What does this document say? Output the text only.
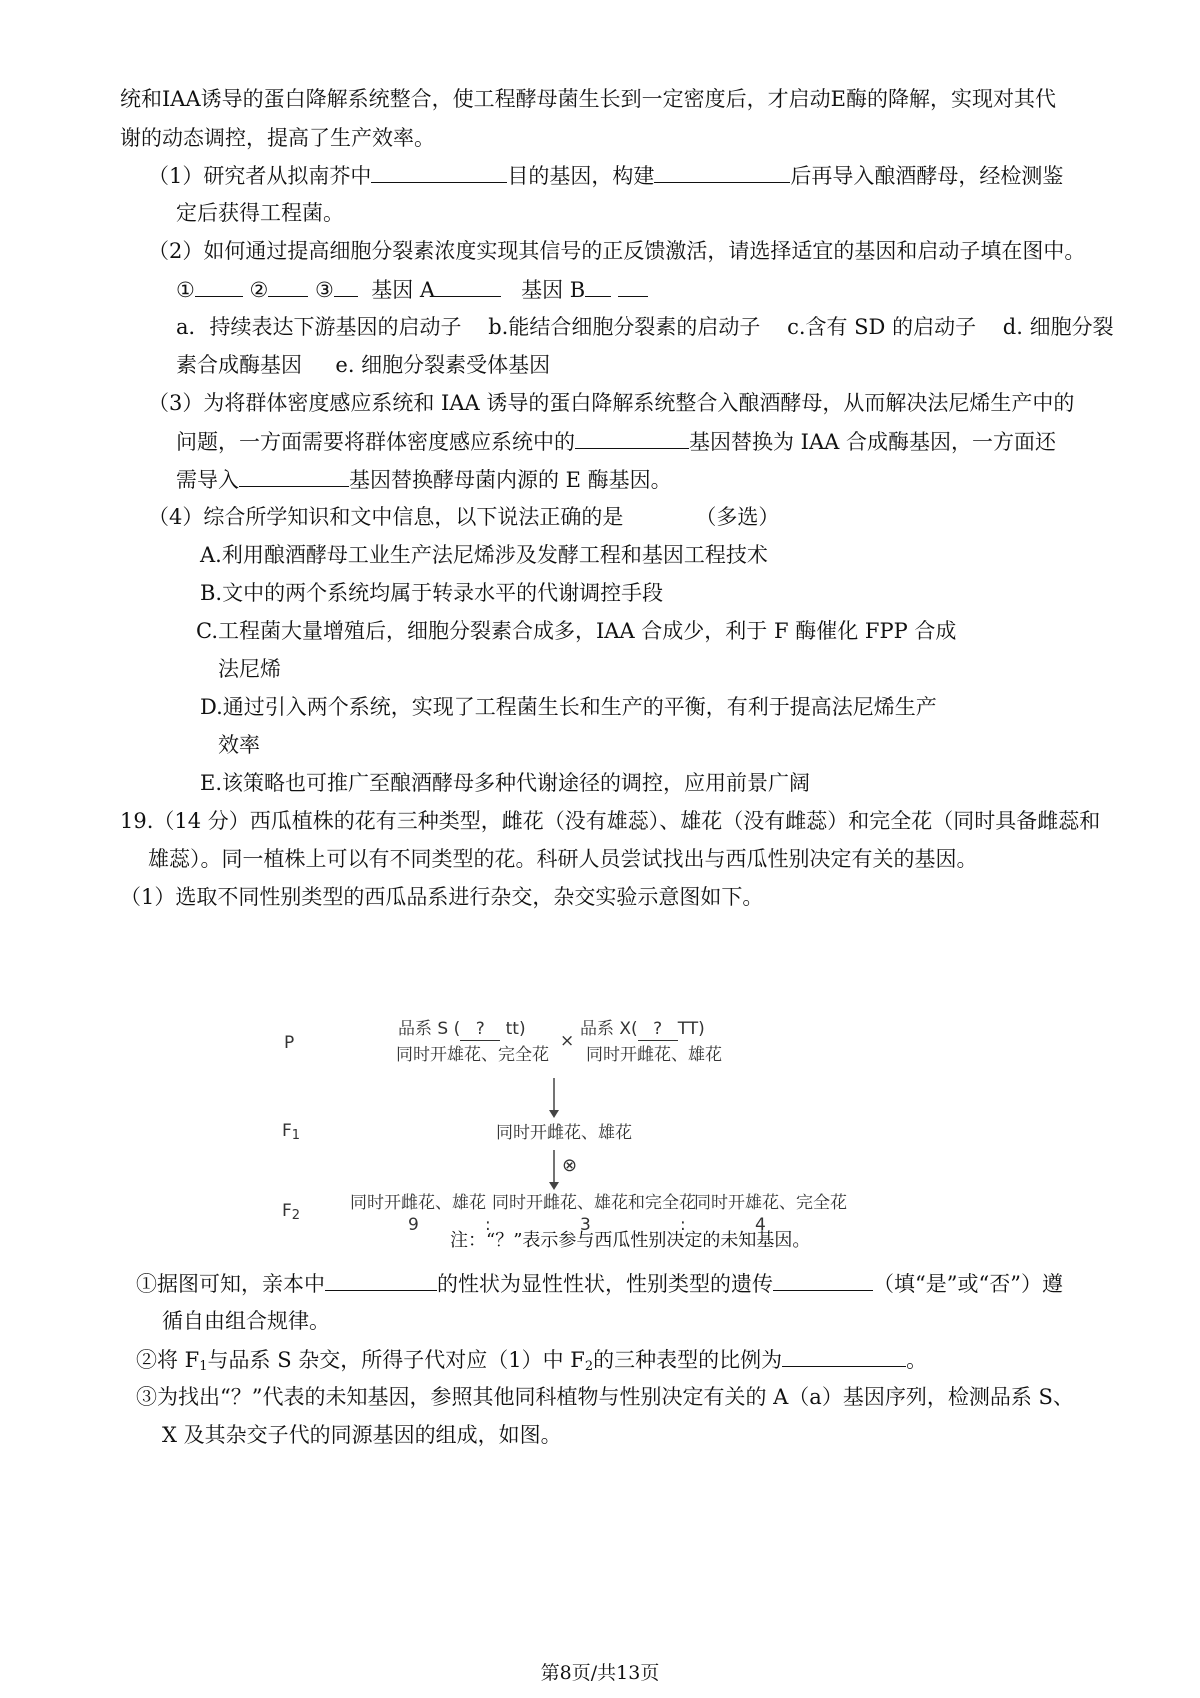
统和IAA诱导的蛋白降解系统整合，使工程酵母菌生长到一定密度后，才启动E酶的降解，实现对其代
谢的动态调控，提高了生产效率。
（1）研究者从拟南芥中	目的基因，构建	后再导入酿酒酵母，经检测鉴
定后获得工程菌。
（2）如何通过提高细胞分裂素浓度实现其信号的正反馈激活，请选择适宜的基因和启动子填在图中。
①	② ③ 基因 A	基因 B
a．持续表达下游基因的启动子 b.能结合细胞分裂素的启动子 c.含有 SD 的启动子 d. 细胞分裂
素合成酶基因 e. 细胞分裂素受体基因
（3）为将群体密度感应系统和 IAA 诱导的蛋白降解系统整合入酿酒酵母，从而解决法尼烯生产中的
问题，一方面需要将群体密度感应系统中的	基因替换为 IAA 合成酶基因，一方面还
需导入	基因替换酵母菌内源的 E 酶基因。
（4）综合所学知识和文中信息，以下说法正确的是	（多选）
A.利用酿酒酵母工业生产法尼烯涉及发酵工程和基因工程技术
B.文中的两个系统均属于转录水平的代谢调控手段
C.工程菌大量增殖后，细胞分裂素合成多，IAA 合成少，利于 F 酶催化 FPP 合成
法尼烯
D.通过引入两个系统，实现了工程菌生长和生产的平衡，有利于提高法尼烯生产
效率
E.该策略也可推广至酿酒酵母多种代谢途径的调控，应用前景广阔
19.（14 分）西瓜植株的花有三种类型，雌花（没有雄蕊）、雄花（没有雌蕊）和完全花（同时具备雌蕊和
雄蕊）。同一植株上可以有不同类型的花。科研人员尝试找出与西瓜性别决定有关的基因。
（1）选取不同性别类型的西瓜品系进行杂交，杂交实验示意图如下。
P
$F_1$
$F_2$
品系 S ( ? tt)
同时开雄花、完全花
×
品系 X( ? TT)
同时开雌花、雄花
同时开雌花、雄花
⊗
同时开雌花、雄花 同时开雌花、雄花和完全花
同时开雄花、完全花
9	:	3	:	4
注：“？”表示参与西瓜性别决定的未知基因。
①据图可知，亲本中	的性状为显性性状，性别类型的遗传	（填“是”或“否”）遵
循自由组合规律。
②将 $F_1$与品系 S 杂交，所得子代对应（1）中 $F_2$的三种表型的比例为	。
③为找出“？”代表的未知基因，参照其他同科植物与性别决定有关的 A（a）基因序列，检测品系 S、
X 及其杂交子代的同源基因的组成，如图。
第8页/共13页
